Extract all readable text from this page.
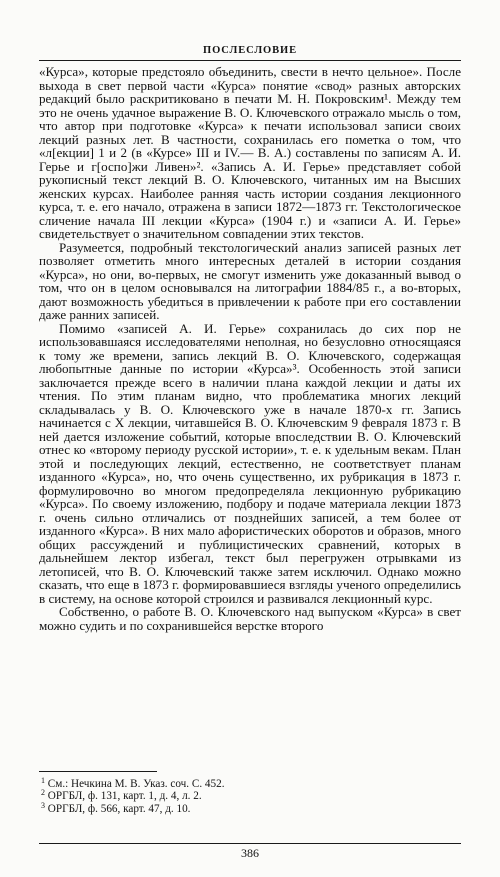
ПОСЛЕСЛОВИЕ

«Курса», которые предстояло объединить, свести в нечто цельное». После выхода в свет первой части «Курса» понятие «свод» разных авторских редакций было раскритиковано в печати М. Н. Покровским¹. Между тем это не очень удачное выражение В. О. Ключевского отражало мысль о том, что автор при подготовке «Курса» к печати использовал записи своих лекций разных лет. В частности, сохранилась его пометка о том, что «л[екции] 1 и 2 (в «Курсе» III и IV.— В. А.) составлены по записям А. И. Герье и г[оспо]жи Ливен»². «Запись А. И. Герье» представляет собой рукописный текст лекций В. О. Ключевского, читанных им на Высших женских курсах. Наиболее ранняя часть истории создания лекционного курса, т. е. его начало, отражена в записи 1872—1873 гг. Текстологическое сличение начала III лекции «Курса» (1904 г.) и «записи А. И. Герье» свидетельствует о значительном совпадении этих текстов.

Разумеется, подробный текстологический анализ записей разных лет позволяет отметить много интересных деталей в истории создания «Курса», но они, во-первых, не смогут изменить уже доказанный вывод о том, что он в целом основывался на литографии 1884/85 г., а во-вторых, дают возможность убедиться в привлечении к работе при его составлении даже ранних записей.

Помимо «записей А. И. Герье» сохранилась до сих пор не использовавшаяся исследователями неполная, но безусловно относящаяся к тому же времени, запись лекций В. О. Ключевского, содержащая любопытные данные по истории «Курса»³. Особенность этой записи заключается прежде всего в наличии плана каждой лекции и даты их чтения. По этим планам видно, что проблематика многих лекций складывалась у В. О. Ключевского уже в начале 1870-х гг. Запись начинается с X лекции, читавшейся В. О. Ключевским 9 февраля 1873 г. В ней дается изложение событий, которые впоследствии В. О. Ключевский отнес ко «второму периоду русской истории», т. е. к удельным векам. План этой и последующих лекций, естественно, не соответствует планам изданного «Курса», но, что очень существенно, их рубрикация в 1873 г. формулировочно во многом предопределяла лекционную рубрикацию «Курса». По своему изложению, подбору и подаче материала лекции 1873 г. очень сильно отличались от позднейших записей, а тем более от изданного «Курса». В них мало афористических оборотов и образов, много общих рассуждений и публицистических сравнений, которых в дальнейшем лектор избегал, текст был перегружен отрывками из летописей, что В. О. Ключевский также затем исключил. Однако можно сказать, что еще в 1873 г. формировавшиеся взгляды ученого определились в систему, на основе которой строился и развивался лекционный курс.

Собственно, о работе В. О. Ключевского над выпуском «Курса» в свет можно судить и по сохранившейся верстке второго

$^1$ См.: Нечкина М. В. Указ. соч. С. 452.
$^2$ ОРГБЛ, ф. 131, карт. 1, д. 4, л. 2.
$^3$ ОРГБЛ, ф. 566, карт. 47, д. 10.
386
